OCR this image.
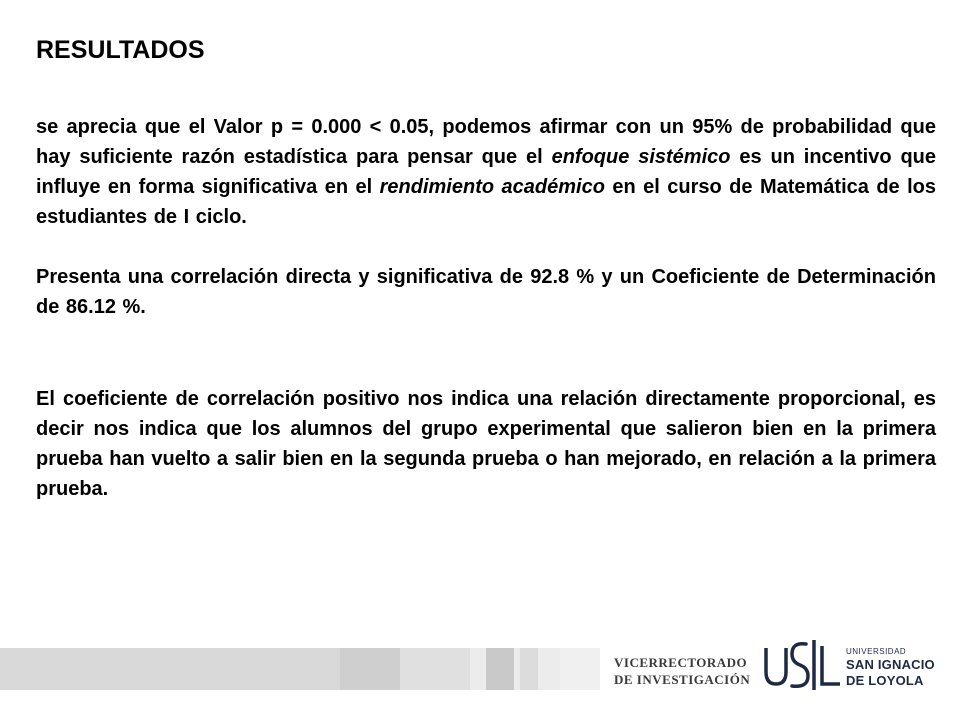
RESULTADOS

se aprecia que el Valor p = 0.000 < 0.05, podemos afirmar con un 95% de probabilidad que hay suficiente razón estadística para pensar que el enfoque sistémico es un incentivo que influye en forma significativa en el rendimiento académico en el curso de Matemática de los estudiantes de I ciclo.

Presenta una correlación directa y significativa de 92.8 % y un Coeficiente de Determinación de 86.12 %.

El coeficiente de correlación positivo nos indica una relación directamente proporcional, es decir nos indica que los alumnos del grupo experimental que salieron bien en la primera prueba han vuelto a salir bien en la segunda prueba o han mejorado, en relación a la primera prueba.

VICERRECTORADO
DE INVESTIGACIÓN
UNIVERSIDAD
SAN IGNACIO
DE LOYOLA
